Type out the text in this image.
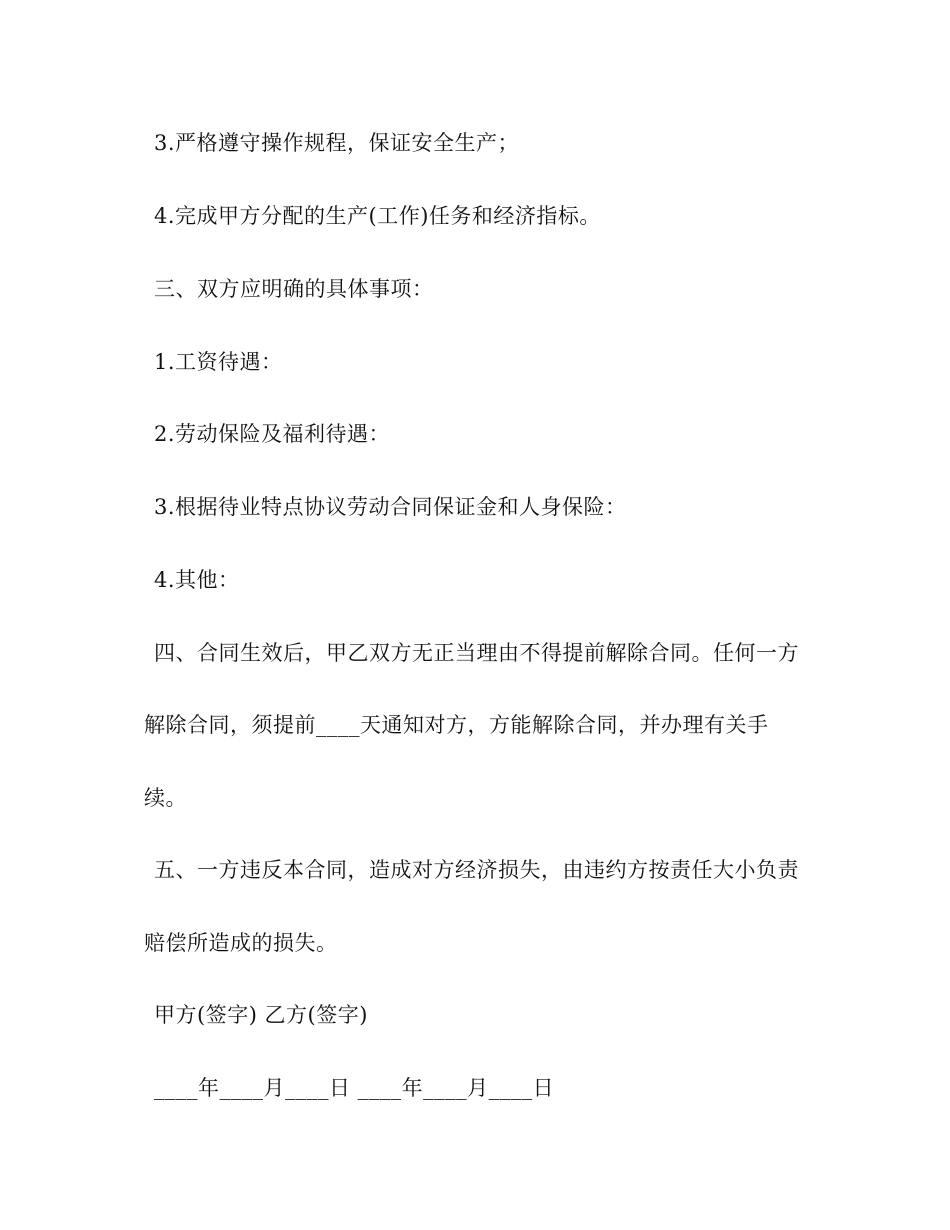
3.严格遵守操作规程，保证安全生产；
4.完成甲方分配的生产(工作)任务和经济指标。
三、双方应明确的具体事项：
1.工资待遇：
2.劳动保险及福利待遇：
3.根据待业特点协议劳动合同保证金和人身保险：
4.其他：
四、合同生效后，甲乙双方无正当理由不得提前解除合同。任何一方
解除合同，须提前____天通知对方，方能解除合同，并办理有关手
续。
五、一方违反本合同，造成对方经济损失，由违约方按责任大小负责
赔偿所造成的损失。
甲方(签字) 乙方(签字)
____年____月____日 ____年____月____日
